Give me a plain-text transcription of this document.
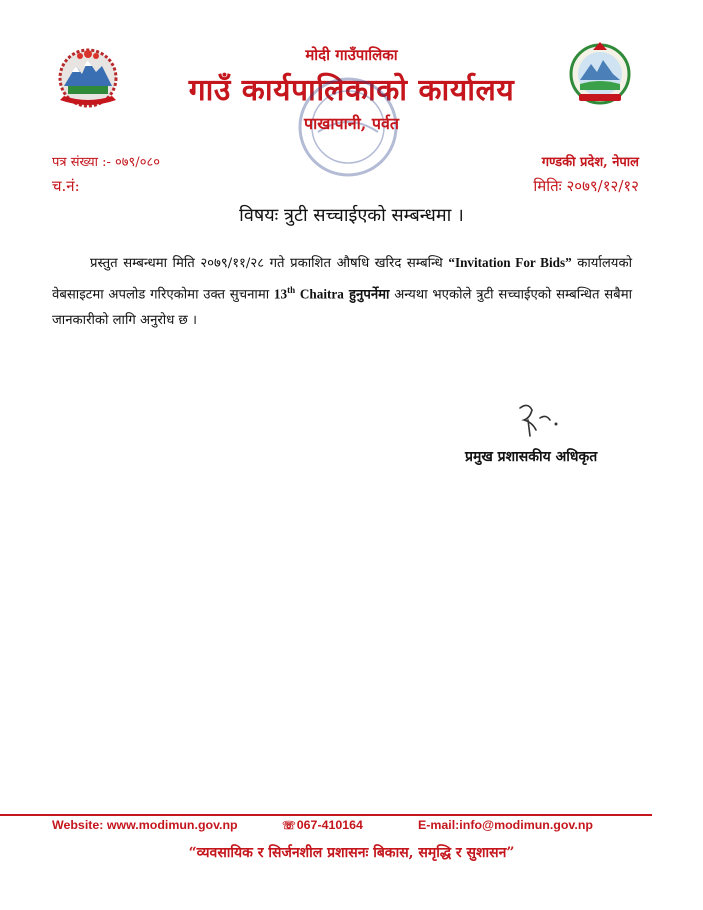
मोदी गाउँपालिका
गाउँ कार्यपालिकाको कार्यालय
पाखापानी, पर्वत
पत्र संख्या :- ०७९/०८०	गण्डकी प्रदेश, नेपाल
च.नं:	मितिः २०७९/१२/१२
विषयः त्रुटी सच्चाईएको सम्बन्धमा ।
प्रस्तुत सम्बन्धमा मिति २०७९/११/२८ गते प्रकाशित औषधि खरिद सम्बन्धि “Invitation For Bids” कार्यालयको वेबसाइटमा अपलोड गरिएकोमा उक्त सुचनामा 13th Chaitra हुनुपर्नेमा अन्यथा भएकोले त्रुटी सच्चाईएको सम्बन्धित सबैमा जानकारीको लागि अनुरोध छ ।
प्रमुख प्रशासकीय अधिकृत
Website: www.modimun.gov.np	☏067-410164	E-mail:info@modimun.gov.np
“व्यवसायिक र सिर्जनशील प्रशासनः बिकास, समृद्धि र सुशासन”
